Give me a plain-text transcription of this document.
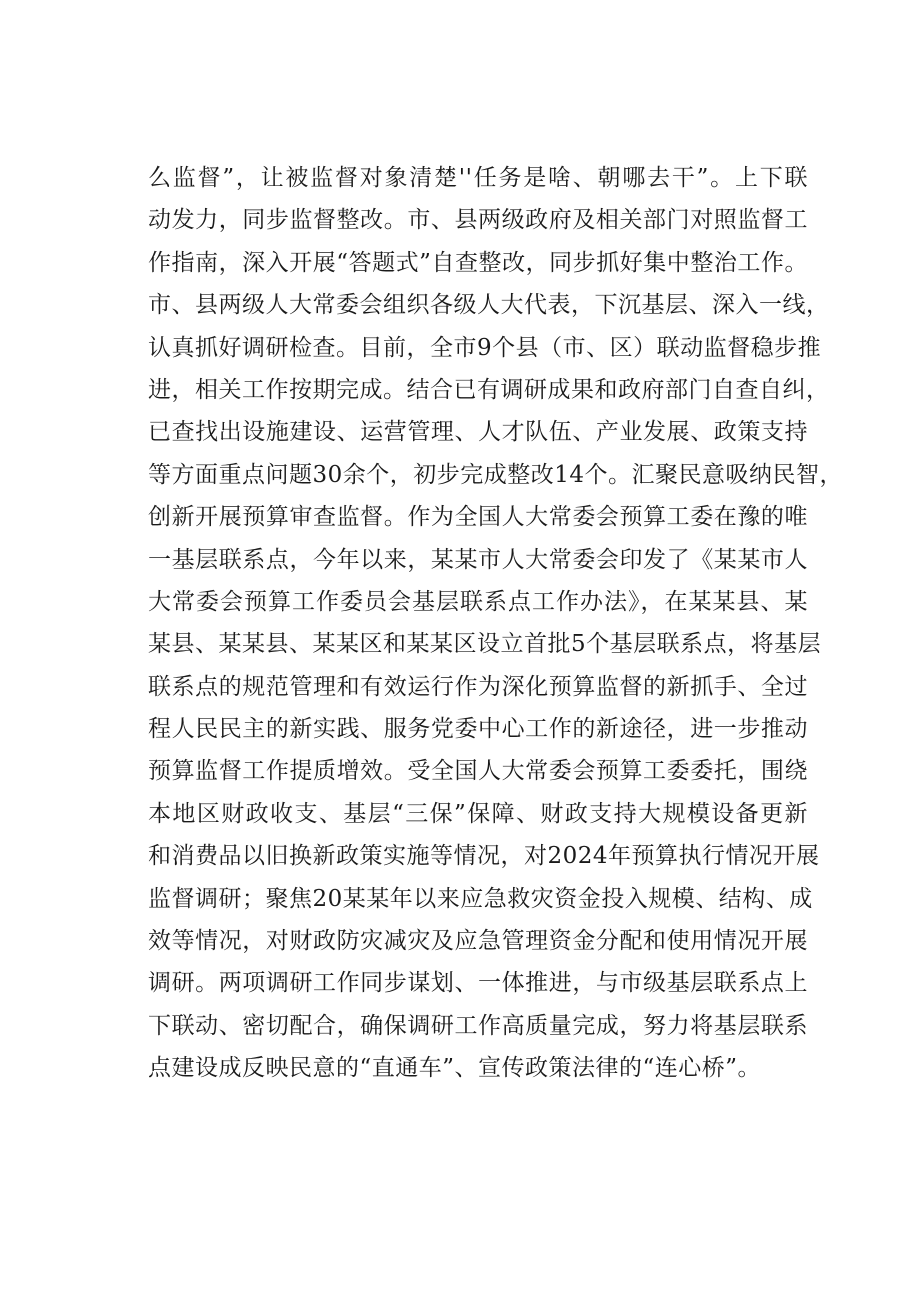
么监督”，让被监督对象清楚''任务是啥、朝哪去干”。上下联
动发力，同步监督整改。市、县两级政府及相关部门对照监督工
作指南，深入开展“答题式”自查整改，同步抓好集中整治工作。
市、县两级人大常委会组织各级人大代表，下沉基层、深入一线，
认真抓好调研检查。目前，全市9个县（市、区）联动监督稳步推
进，相关工作按期完成。结合已有调研成果和政府部门自查自纠，
已查找出设施建设、运营管理、人才队伍、产业发展、政策支持
等方面重点问题30余个，初步完成整改14个。汇聚民意吸纳民智，
创新开展预算审查监督。作为全国人大常委会预算工委在豫的唯
一基层联系点，今年以来，某某市人大常委会印发了《某某市人
大常委会预算工作委员会基层联系点工作办法》，在某某县、某
某县、某某县、某某区和某某区设立首批5个基层联系点，将基层
联系点的规范管理和有效运行作为深化预算监督的新抓手、全过
程人民民主的新实践、服务党委中心工作的新途径，进一步推动
预算监督工作提质增效。受全国人大常委会预算工委委托，围绕
本地区财政收支、基层“三保”保障、财政支持大规模设备更新
和消费品以旧换新政策实施等情况，对2024年预算执行情况开展
监督调研；聚焦20某某年以来应急救灾资金投入规模、结构、成
效等情况，对财政防灾减灾及应急管理资金分配和使用情况开展
调研。两项调研工作同步谋划、一体推进，与市级基层联系点上
下联动、密切配合，确保调研工作高质量完成，努力将基层联系
点建设成反映民意的“直通车”、宣传政策法律的“连心桥”。
